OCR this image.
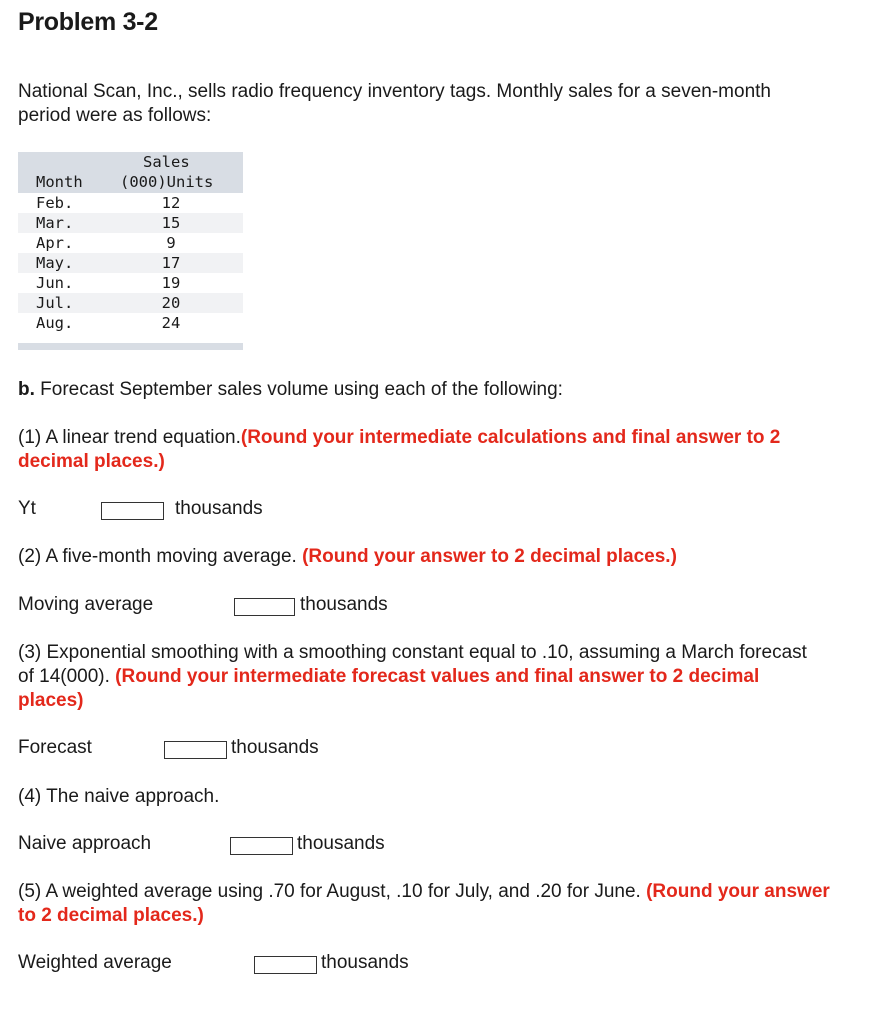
Problem 3-2
National Scan, Inc., sells radio frequency inventory tags. Monthly sales for a seven-month period were as follows:
Sales
Month (000)Units
Feb.	12
Mar.	15
Apr.	9
May.	17
Jun.	19
Jul.	20
Aug.	24
b. Forecast September sales volume using each of the following:
(1) A linear trend equation.(Round your intermediate calculations and final answer to 2 decimal places.)
Yt	thousands
(2) A five-month moving average. (Round your answer to 2 decimal places.)
Moving average	thousands
(3) Exponential smoothing with a smoothing constant equal to .10, assuming a March forecast of 14(000). (Round your intermediate forecast values and final answer to 2 decimal places)
Forecast	thousands
(4) The naive approach.
Naive approach	thousands
(5) A weighted average using .70 for August, .10 for July, and .20 for June. (Round your answer to 2 decimal places.)
Weighted average	thousands
